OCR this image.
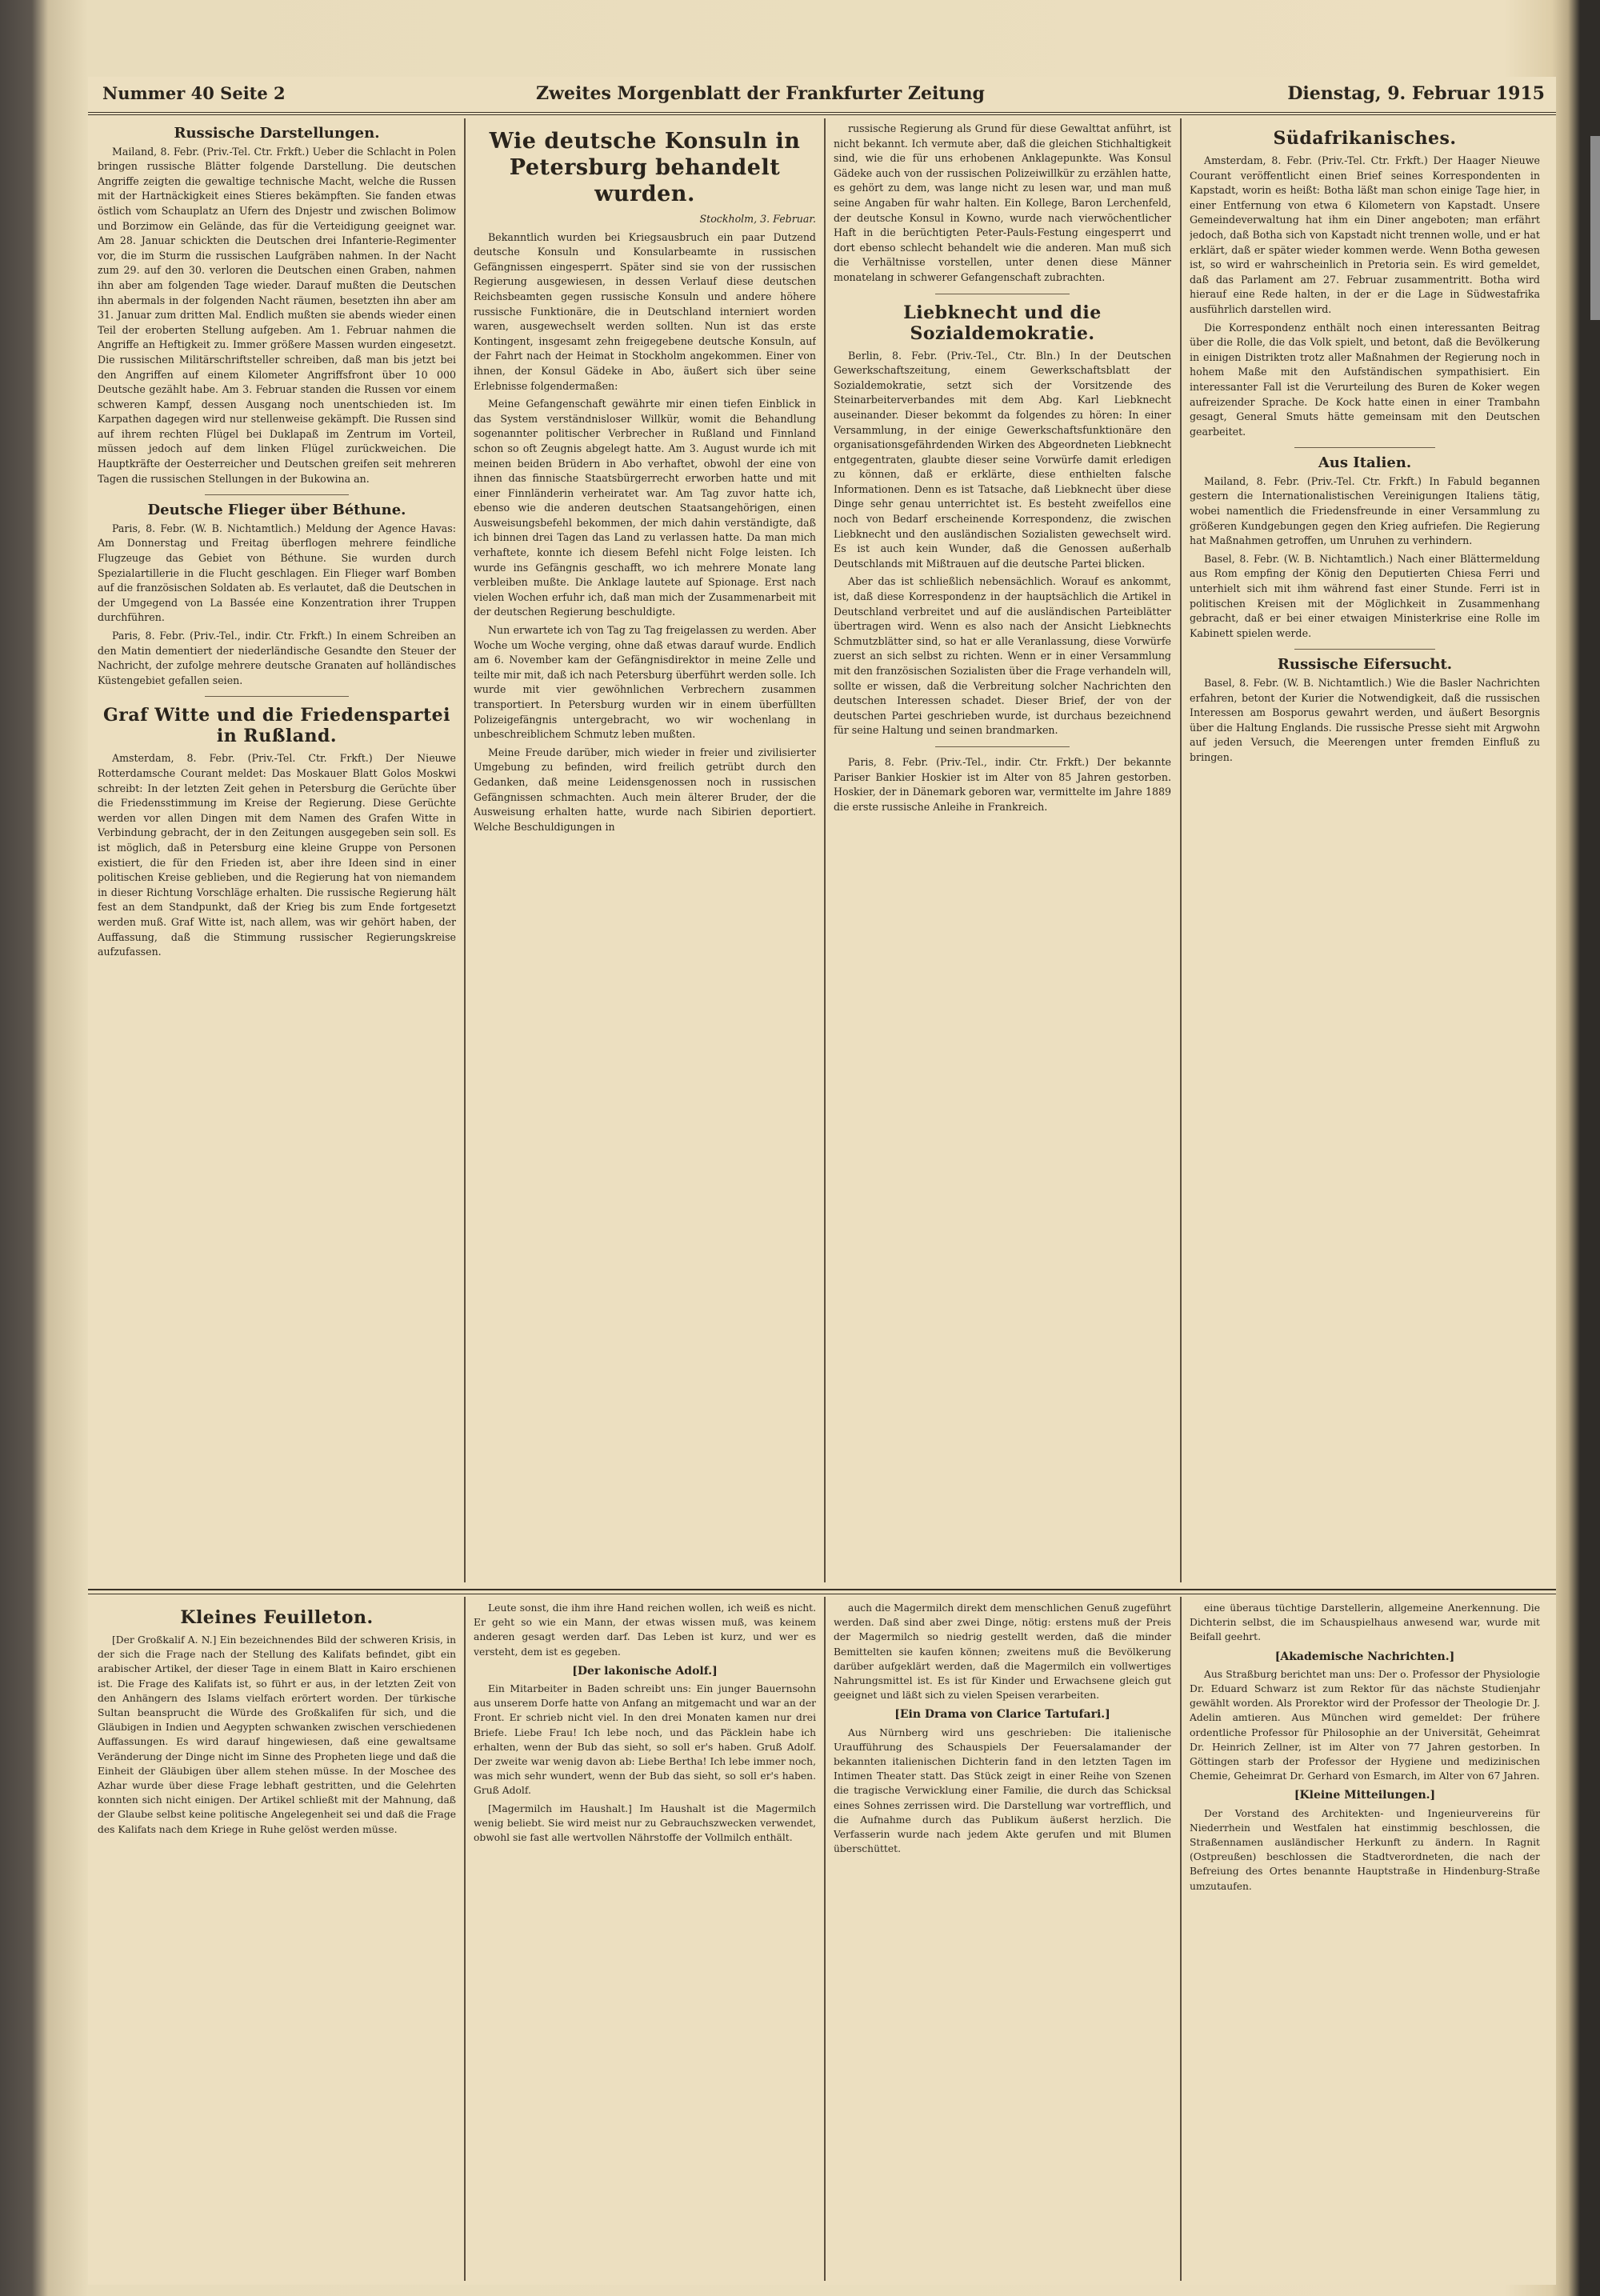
Nummer 40 Seite 2	Zweites Morgenblatt der Frankfurter Zeitung	Dienstag, 9. Februar 1915
Russische Darstellungen.

Mailand, 8. Febr. (Priv.-Tel. Ctr. Frkft.) Ueber die Schlacht in Polen bringen russische Blätter folgende Darstellung. Die deutschen Angriffe zeigten die gewaltige technische Macht, welche die Russen mit der Hartnäckigkeit eines Stieres bekämpften. Sie fanden etwas östlich vom Schauplatz an Ufern des Dnjestr und zwischen Bolimow und Borzimow ein Gelände, das für die Verteidigung geeignet war. Am 28. Januar schickten die Deutschen drei Infanterie-Regimenter vor, die im Sturm die russischen Laufgräben nahmen. In der Nacht zum 29. auf den 30. verloren die Deutschen einen Graben, nahmen ihn aber am folgenden Tage wieder. Darauf mußten die Deutschen ihn abermals in der folgenden Nacht räumen, besetzten ihn aber am 31. Januar zum dritten Mal. Endlich mußten sie abends wieder einen Teil der eroberten Stellung aufgeben. Am 1. Februar nahmen die Angriffe an Heftigkeit zu. Immer größere Massen wurden eingesetzt. Die russischen Militärschriftsteller schreiben, daß man bis jetzt bei den Angriffen auf einem Kilometer Angriffsfront über 10 000 Deutsche gezählt habe. Am 3. Februar standen die Russen vor einem schweren Kampf, dessen Ausgang noch unentschieden ist. Im Karpathen dagegen wird nur stellenweise gekämpft. Die Russen sind auf ihrem rechten Flügel bei Duklapaß im Zentrum im Vorteil, müssen jedoch auf dem linken Flügel zurückweichen. Die Hauptkräfte der Oesterreicher und Deutschen greifen seit mehreren Tagen die russischen Stellungen in der Bukowina an.

Deutsche Flieger über Béthune.

Paris, 8. Febr. (W. B. Nichtamtlich.) Meldung der Agence Havas: Am Donnerstag und Freitag überflogen mehrere feindliche Flugzeuge das Gebiet von Béthune. Sie wurden durch Spezialartillerie in die Flucht geschlagen. Ein Flieger warf Bomben auf die französischen Soldaten ab. Es verlautet, daß die Deutschen in der Umgegend von La Bassée eine Konzentration ihrer Truppen durchführen.

Paris, 8. Febr. (Priv.-Tel., indir. Ctr. Frkft.) In einem Schreiben an den Matin dementiert der niederländische Gesandte den Steuer der Nachricht, der zufolge mehrere deutsche Granaten auf holländisches Küstengebiet gefallen seien.

Graf Witte und die Friedenspartei in Rußland.

Amsterdam, 8. Febr. (Priv.-Tel. Ctr. Frkft.) Der Nieuwe Rotterdamsche Courant meldet: Das Moskauer Blatt Golos Moskwi schreibt: In der letzten Zeit gehen in Petersburg die Gerüchte über die Friedensstimmung im Kreise der Regierung. Diese Gerüchte werden vor allen Dingen mit dem Namen des Grafen Witte in Verbindung gebracht, der in den Zeitungen ausgegeben sein soll. Es ist möglich, daß in Petersburg eine kleine Gruppe von Personen existiert, die für den Frieden ist, aber ihre Ideen sind in einer politischen Kreise geblieben, und die Regierung hat von niemandem in dieser Richtung Vorschläge erhalten. Die russische Regierung hält fest an dem Standpunkt, daß der Krieg bis zum Ende fortgesetzt werden muß. Graf Witte ist, nach allem, was wir gehört haben, der Auffassung, daß die Stimmung russischer Regierungskreise aufzufassen.

Wie deutsche Konsuln in Petersburg behandelt wurden.
Stockholm, 3. Februar.

Bekanntlich wurden bei Kriegsausbruch ein paar Dutzend deutsche Konsuln und Konsularbeamte in russischen Gefängnissen eingesperrt. Später sind sie von der russischen Regierung ausgewiesen, in dessen Verlauf diese deutschen Reichsbeamten gegen russische Konsuln und andere höhere russische Funktionäre, die in Deutschland interniert worden waren, ausgewechselt werden sollten. Nun ist das erste Kontingent, insgesamt zehn freigegebene deutsche Konsuln, auf der Fahrt nach der Heimat in Stockholm angekommen. Einer von ihnen, der Konsul Gädeke in Abo, äußert sich über seine Erlebnisse folgendermaßen:

Meine Gefangenschaft gewährte mir einen tiefen Einblick in das System verständnisloser Willkür, womit die Behandlung sogenannter politischer Verbrecher in Rußland und Finnland schon so oft Zeugnis abgelegt hatte. Am 3. August wurde ich mit meinen beiden Brüdern in Abo verhaftet, obwohl der eine von ihnen das finnische Staatsbürgerrecht erworben hatte und mit einer Finnländerin verheiratet war. Am Tag zuvor hatte ich, ebenso wie die anderen deutschen Staatsangehörigen, einen Ausweisungsbefehl bekommen, der mich dahin verständigte, daß ich binnen drei Tagen das Land zu verlassen hatte. Da man mich verhaftete, konnte ich diesem Befehl nicht Folge leisten. Ich wurde ins Gefängnis geschafft, wo ich mehrere Monate lang verbleiben mußte. Die Anklage lautete auf Spionage. Erst nach vielen Wochen erfuhr ich, daß man mich der Zusammenarbeit mit der deutschen Regierung beschuldigte.

Nun erwartete ich von Tag zu Tag freigelassen zu werden. Aber Woche um Woche verging, ohne daß etwas darauf wurde. Endlich am 6. November kam der Gefängnisdirektor in meine Zelle und teilte mir mit, daß ich nach Petersburg überführt werden solle. Ich wurde mit vier gewöhnlichen Verbrechern zusammen transportiert. In Petersburg wurden wir in einem überfüllten Polizeigefängnis untergebracht, wo wir wochenlang in unbeschreiblichem Schmutz leben mußten.

Meine Freude darüber, mich wieder in freier und zivilisierter Umgebung zu befinden, wird freilich getrübt durch den Gedanken, daß meine Leidensgenossen noch in russischen Gefängnissen schmachten. Auch mein älterer Bruder, der die Ausweisung erhalten hatte, wurde nach Sibirien deportiert. Welche Beschuldigungen in

russische Regierung als Grund für diese Gewalttat anführt, ist nicht bekannt. Ich vermute aber, daß die gleichen Stichhaltigkeit sind, wie die für uns erhobenen Anklagepunkte. Was Konsul Gädeke auch von der russischen Polizeiwillkür zu erzählen hatte, es gehört zu dem, was lange nicht zu lesen war, und man muß seine Angaben für wahr halten. Ein Kollege, Baron Lerchenfeld, der deutsche Konsul in Kowno, wurde nach vierwöchentlicher Haft in die berüchtigten Peter-Pauls-Festung eingesperrt und dort ebenso schlecht behandelt wie die anderen. Man muß sich die Verhältnisse vorstellen, unter denen diese Männer monatelang in schwerer Gefangenschaft zubrachten.

Liebknecht und die Sozialdemokratie.

Berlin, 8. Febr. (Priv.-Tel., Ctr. Bln.) In der Deutschen Gewerkschaftszeitung, einem Gewerkschaftsblatt der Sozialdemokratie, setzt sich der Vorsitzende des Steinarbeiterverbandes mit dem Abg. Karl Liebknecht auseinander. Dieser bekommt da folgendes zu hören: In einer Versammlung, in der einige Gewerkschaftsfunktionäre den organisationsgefährdenden Wirken des Abgeordneten Liebknecht entgegentraten, glaubte dieser seine Vorwürfe damit erledigen zu können, daß er erklärte, diese enthielten falsche Informationen. Denn es ist Tatsache, daß Liebknecht über diese Dinge sehr genau unterrichtet ist. Es besteht zweifellos eine noch von Bedarf erscheinende Korrespondenz, die zwischen Liebknecht und den ausländischen Sozialisten gewechselt wird. Es ist auch kein Wunder, daß die Genossen außerhalb Deutschlands mit Mißtrauen auf die deutsche Partei blicken.

Aber das ist schließlich nebensächlich. Worauf es ankommt, ist, daß diese Korrespondenz in der hauptsächlich die Artikel in Deutschland verbreitet und auf die ausländischen Parteiblätter übertragen wird. Wenn es also nach der Ansicht Liebknechts Schmutzblätter sind, so hat er alle Veranlassung, diese Vorwürfe zuerst an sich selbst zu richten. Wenn er in einer Versammlung mit den französischen Sozialisten über die Frage verhandeln will, sollte er wissen, daß die Verbreitung solcher Nachrichten den deutschen Interessen schadet. Dieser Brief, der von der deutschen Partei geschrieben wurde, ist durchaus bezeichnend für seine Haltung und seinen brandmarken.

Paris, 8. Febr. (Priv.-Tel., indir. Ctr. Frkft.) Der bekannte Pariser Bankier Hoskier ist im Alter von 85 Jahren gestorben. Hoskier, der in Dänemark geboren war, vermittelte im Jahre 1889 die erste russische Anleihe in Frankreich.

Südafrikanisches.

Amsterdam, 8. Febr. (Priv.-Tel. Ctr. Frkft.) Der Haager Nieuwe Courant veröffentlicht einen Brief seines Korrespondenten in Kapstadt, worin es heißt: Botha läßt man schon einige Tage hier, in einer Entfernung von etwa 6 Kilometern von Kapstadt. Unsere Gemeindeverwaltung hat ihm ein Diner angeboten; man erfährt jedoch, daß Botha sich von Kapstadt nicht trennen wolle, und er hat erklärt, daß er später wieder kommen werde. Wenn Botha gewesen ist, so wird er wahrscheinlich in Pretoria sein. Es wird gemeldet, daß das Parlament am 27. Februar zusammentritt. Botha wird hierauf eine Rede halten, in der er die Lage in Südwestafrika ausführlich darstellen wird.

Die Korrespondenz enthält noch einen interessanten Beitrag über die Rolle, die das Volk spielt, und betont, daß die Bevölkerung in einigen Distrikten trotz aller Maßnahmen der Regierung noch in hohem Maße mit den Aufständischen sympathisiert. Ein interessanter Fall ist die Verurteilung des Buren de Koker wegen aufreizender Sprache. De Kock hatte einen in einer Trambahn gesagt, General Smuts hätte gemeinsam mit den Deutschen gearbeitet.

Aus Italien.

Mailand, 8. Febr. (Priv.-Tel. Ctr. Frkft.) In Fabuld begannen gestern die Internationalistischen Vereinigungen Italiens tätig, wobei namentlich die Friedensfreunde in einer Versammlung zu größeren Kundgebungen gegen den Krieg aufriefen. Die Regierung hat Maßnahmen getroffen, um Unruhen zu verhindern.

Basel, 8. Febr. (W. B. Nichtamtlich.) Nach einer Blättermeldung aus Rom empfing der König den Deputierten Chiesa Ferri und unterhielt sich mit ihm während fast einer Stunde. Ferri ist in politischen Kreisen mit der Möglichkeit in Zusammenhang gebracht, daß er bei einer etwaigen Ministerkrise eine Rolle im Kabinett spielen werde.

Russische Eifersucht.

Basel, 8. Febr. (W. B. Nichtamtlich.) Wie die Basler Nachrichten erfahren, betont der Kurier die Notwendigkeit, daß die russischen Interessen am Bosporus gewahrt werden, und äußert Besorgnis über die Haltung Englands. Die russische Presse sieht mit Argwohn auf jeden Versuch, die Meerengen unter fremden Einfluß zu bringen.

Kleines Feuilleton.

[Der Großkalif A. N.] Ein bezeichnendes Bild der schweren Krisis, in der sich die Frage nach der Stellung des Kalifats befindet, gibt ein arabischer Artikel, der dieser Tage in einem Blatt in Kairo erschienen ist. Die Frage des Kalifats ist, so führt er aus, in der letzten Zeit von den Anhängern des Islams vielfach erörtert worden. Der türkische Sultan beansprucht die Würde des Großkalifen für sich, und die Gläubigen in Indien und Aegypten schwanken zwischen verschiedenen Auffassungen. Es wird darauf hingewiesen, daß eine gewaltsame Veränderung der Dinge nicht im Sinne des Propheten liege und daß die Einheit der Gläubigen über allem stehen müsse. In der Moschee des Azhar wurde über diese Frage lebhaft gestritten, und die Gelehrten konnten sich nicht einigen. Der Artikel schließt mit der Mahnung, daß der Glaube selbst keine politische Angelegenheit sei und daß die Frage des Kalifats nach dem Kriege in Ruhe gelöst werden müsse.

Leute sonst, die ihm ihre Hand reichen wollen, ich weiß es nicht. Er geht so wie ein Mann, der etwas wissen muß, was keinem anderen gesagt werden darf. Das Leben ist kurz, und wer es versteht, dem ist es gegeben.

[Der lakonische Adolf.]

Ein Mitarbeiter in Baden schreibt uns: Ein junger Bauernsohn aus unserem Dorfe hatte von Anfang an mitgemacht und war an der Front. Er schrieb nicht viel. In den drei Monaten kamen nur drei Briefe. Liebe Frau! Ich lebe noch, und das Päcklein habe ich erhalten, wenn der Bub das sieht, so soll er's haben. Gruß Adolf. Der zweite war wenig davon ab: Liebe Bertha! Ich lebe immer noch, was mich sehr wundert, wenn der Bub das sieht, so soll er's haben. Gruß Adolf.

[Magermilch im Haushalt.] Im Haushalt ist die Magermilch wenig beliebt. Sie wird meist nur zu Gebrauchszwecken verwendet, obwohl sie fast alle wertvollen Nährstoffe der Vollmilch enthält.

auch die Magermilch direkt dem menschlichen Genuß zugeführt werden. Daß sind aber zwei Dinge, nötig: erstens muß der Preis der Magermilch so niedrig gestellt werden, daß die minder Bemittelten sie kaufen können; zweitens muß die Bevölkerung darüber aufgeklärt werden, daß die Magermilch ein vollwertiges Nahrungsmittel ist. Es ist für Kinder und Erwachsene gleich gut geeignet und läßt sich zu vielen Speisen verarbeiten.

[Ein Drama von Clarice Tartufari.]

Aus Nürnberg wird uns geschrieben: Die italienische Uraufführung des Schauspiels Der Feuersalamander der bekannten italienischen Dichterin fand in den letzten Tagen im Intimen Theater statt. Das Stück zeigt in einer Reihe von Szenen die tragische Verwicklung einer Familie, die durch das Schicksal eines Sohnes zerrissen wird. Die Darstellung war vortrefflich, und die Aufnahme durch das Publikum äußerst herzlich. Die Verfasserin wurde nach jedem Akte gerufen und mit Blumen überschüttet.

eine überaus tüchtige Darstellerin, allgemeine Anerkennung. Die Dichterin selbst, die im Schauspielhaus anwesend war, wurde mit Beifall geehrt.

[Akademische Nachrichten.]

Aus Straßburg berichtet man uns: Der o. Professor der Physiologie Dr. Eduard Schwarz ist zum Rektor für das nächste Studienjahr gewählt worden. Als Prorektor wird der Professor der Theologie Dr. J. Adelin amtieren. Aus München wird gemeldet: Der frühere ordentliche Professor für Philosophie an der Universität, Geheimrat Dr. Heinrich Zellner, ist im Alter von 77 Jahren gestorben. In Göttingen starb der Professor der Hygiene und medizinischen Chemie, Geheimrat Dr. Gerhard von Esmarch, im Alter von 67 Jahren.

[Kleine Mitteilungen.]

Der Vorstand des Architekten- und Ingenieurvereins für Niederrhein und Westfalen hat einstimmig beschlossen, die Straßennamen ausländischer Herkunft zu ändern. In Ragnit (Ostpreußen) beschlossen die Stadtverordneten, die nach der Befreiung des Ortes benannte Hauptstraße in Hindenburg-Straße umzutaufen.
